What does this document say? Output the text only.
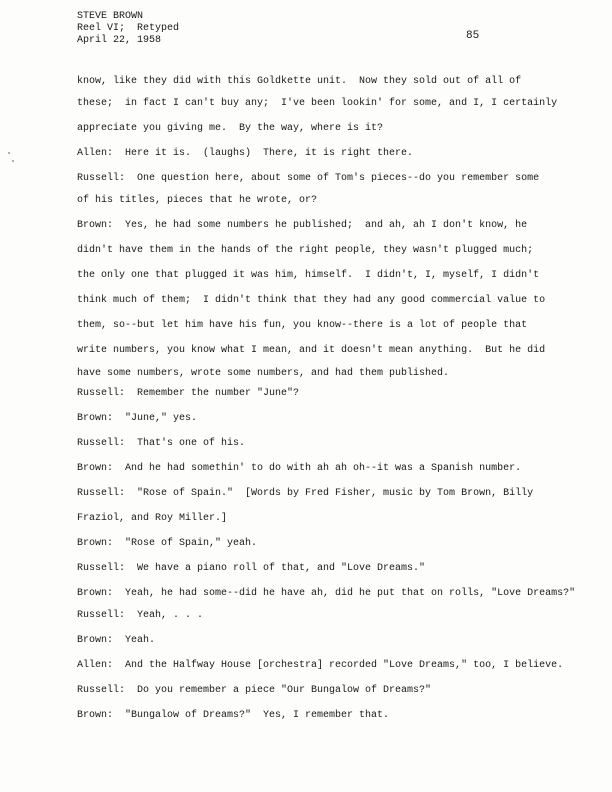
STEVE BROWN
Reel VI;  Retyped
April 22, 1958	85
know, like they did with this Goldkette unit.  Now they sold out of all of
these;  in fact I can't buy any;  I've been lookin' for some, and I, I certainly
appreciate you giving me.  By the way, where is it?
Allen:  Here it is.  (laughs)  There, it is right there.
Russell:  One question here, about some of Tom's pieces--do you remember some
of his titles, pieces that he wrote, or?
Brown:  Yes, he had some numbers he published;  and ah, ah I don't know, he
didn't have them in the hands of the right people, they wasn't plugged much;
the only one that plugged it was him, himself.  I didn't, I, myself, I didn't
think much of them;  I didn't think that they had any good commercial value to
them, so--but let him have his fun, you know--there is a lot of people that
write numbers, you know what I mean, and it doesn't mean anything.  But he did
have some numbers, wrote some numbers, and had them published.
Russell:  Remember the number "June"?
Brown:  "June," yes.
Russell:  That's one of his.
Brown:  And he had somethin' to do with ah ah oh--it was a Spanish number.
Russell:  "Rose of Spain."  [Words by Fred Fisher, music by Tom Brown, Billy
Fraziol, and Roy Miller.]
Brown:  "Rose of Spain," yeah.
Russell:  We have a piano roll of that, and "Love Dreams."
Brown:  Yeah, he had some--did he have ah, did he put that on rolls, "Love Dreams?"
Russell:  Yeah, . . .
Brown:  Yeah.
Allen:  And the Halfway House [orchestra] recorded "Love Dreams," too, I believe.
Russell:  Do you remember a piece "Our Bungalow of Dreams?"
Brown:  "Bungalow of Dreams?"  Yes, I remember that.
